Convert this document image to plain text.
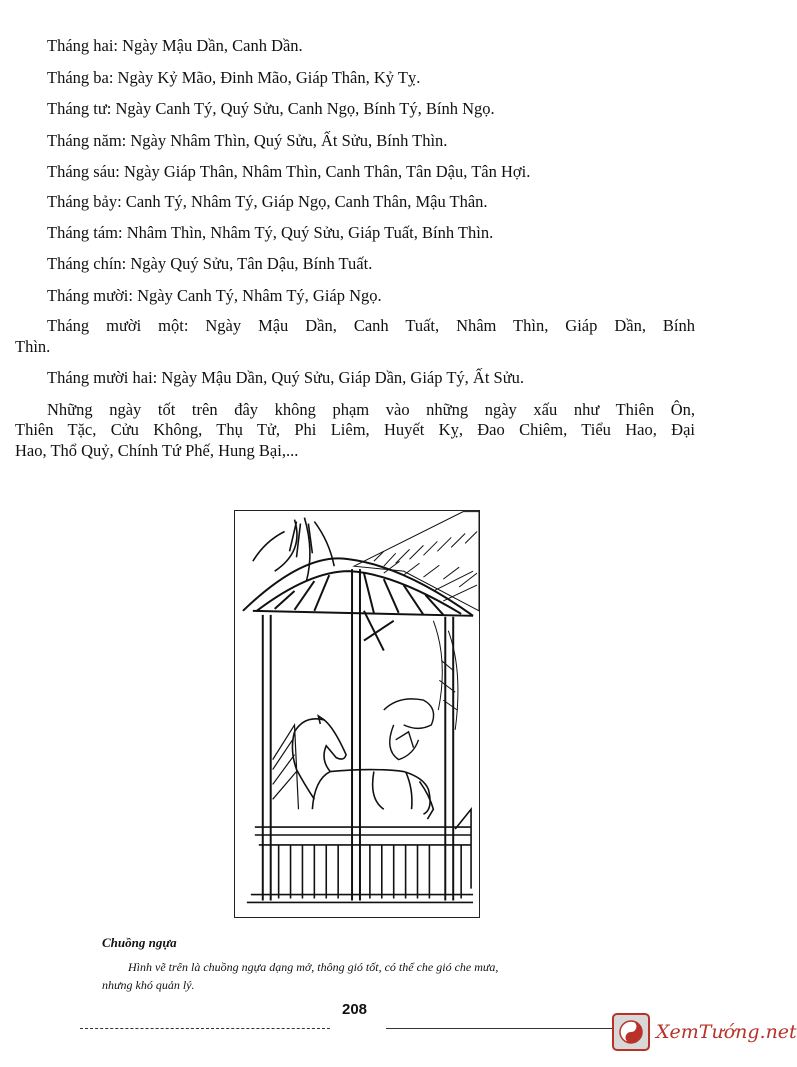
Tháng hai: Ngày Mậu Dần, Canh Dần.
Tháng ba: Ngày Kỷ Mão, Đinh Mão, Giáp Thân, Kỷ Tỵ.
Tháng tư: Ngày Canh Tý, Quý Sửu, Canh Ngọ, Bính Tý, Bính Ngọ.
Tháng năm: Ngày Nhâm Thìn, Quý Sửu, Ất Sửu, Bính Thìn.
Tháng sáu: Ngày Giáp Thân, Nhâm Thìn, Canh Thân, Tân Dậu, Tân Hợi.
Tháng bảy: Canh Tý, Nhâm Tý, Giáp Ngọ, Canh Thân, Mậu Thân.
Tháng tám: Nhâm Thìn, Nhâm Tý, Quý Sửu, Giáp Tuất, Bính Thìn.
Tháng chín: Ngày Quý Sửu, Tân Dậu, Bính Tuất.
Tháng mười: Ngày Canh Tý, Nhâm Tý, Giáp Ngọ.
Tháng mười một: Ngày Mậu Dần, Canh Tuất, Nhâm Thìn, Giáp Dần, Bính
Thìn.
Tháng mười hai: Ngày Mậu Dần, Quý Sửu, Giáp Dần, Giáp Tý, Ất Sửu.
Những ngày tốt trên đây không phạm vào những ngày xấu như Thiên Ôn,
Thiên Tặc, Cửu Không, Thụ Tử, Phi Liêm, Huyết Kỵ, Đao Chiêm, Tiểu Hao, Đại
Hao, Thổ Quỷ, Chính Tứ Phế, Hung Bại,...
Chuồng ngựa
Hình vẽ trên là chuồng ngựa dạng mở, thông gió tốt, có thể che gió che mưa,
nhưng khó quản lý.
208
XemTướng.net
